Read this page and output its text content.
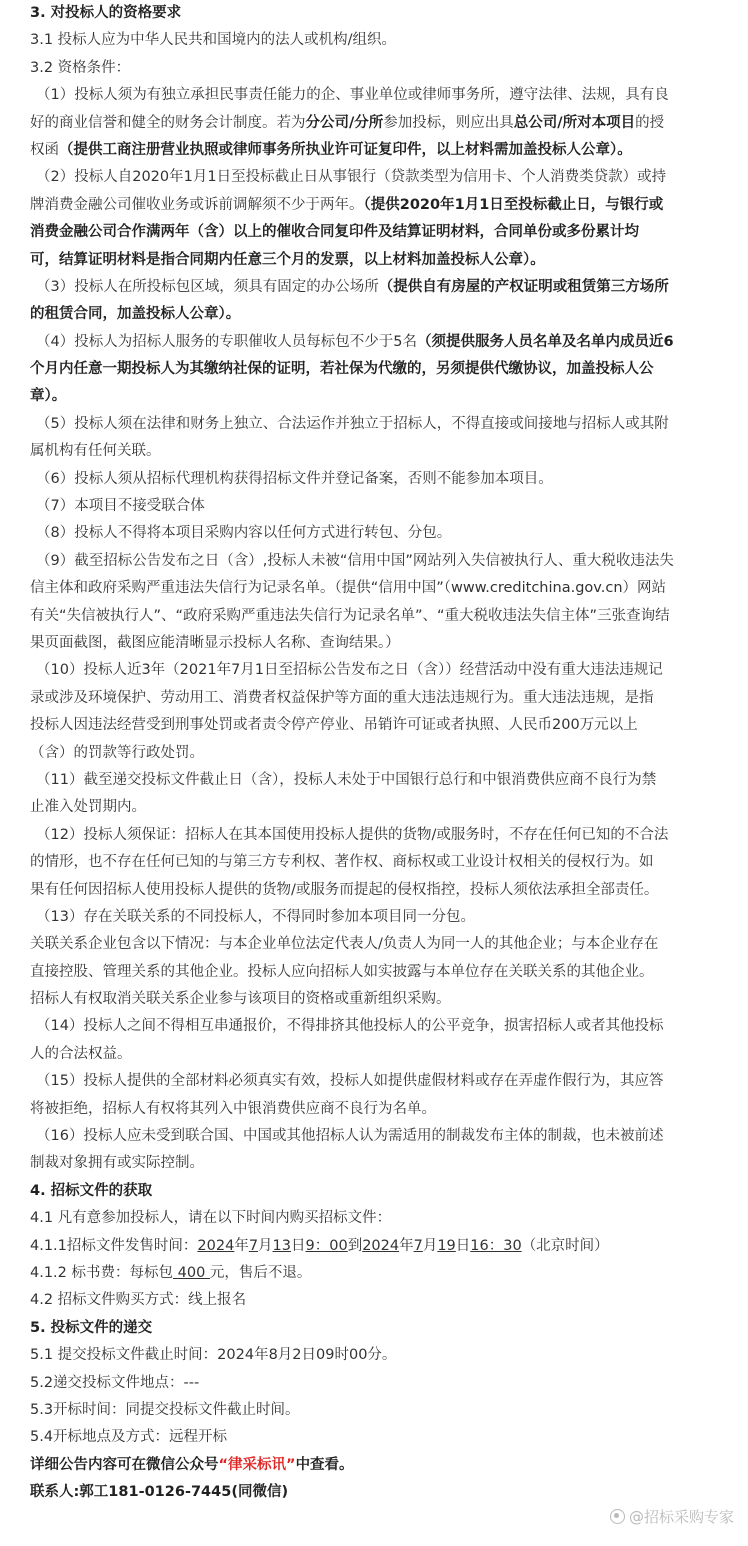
3. 对投标人的资格要求
3.1 投标人应为中华人民共和国境内的法人或机构/组织。
3.2 资格条件：
（1）投标人须为有独立承担民事责任能力的企、事业单位或律师事务所，遵守法律、法规，具有良
好的商业信誉和健全的财务会计制度。若为分公司/分所参加投标，则应出具总公司/所对本项目的授
权函（提供工商注册营业执照或律师事务所执业许可证复印件，以上材料需加盖投标人公章）。
（2）投标人自2020年1月1日至投标截止日从事银行（贷款类型为信用卡、个人消费类贷款）或持
牌消费金融公司催收业务或诉前调解须不少于两年。（提供2020年1月1日至投标截止日，与银行或
消费金融公司合作满两年（含）以上的催收合同复印件及结算证明材料，合同单份或多份累计均
可，结算证明材料是指合同期内任意三个月的发票，以上材料加盖投标人公章）。
（3）投标人在所投标包区域，须具有固定的办公场所（提供自有房屋的产权证明或租赁第三方场所
的租赁合同，加盖投标人公章）。
（4）投标人为招标人服务的专职催收人员每标包不少于5名（须提供服务人员名单及名单内成员近6
个月内任意一期投标人为其缴纳社保的证明，若社保为代缴的，另须提供代缴协议，加盖投标人公
章）。
（5）投标人须在法律和财务上独立、合法运作并独立于招标人，不得直接或间接地与招标人或其附
属机构有任何关联。
（6）投标人须从招标代理机构获得招标文件并登记备案，否则不能参加本项目。
（7）本项目不接受联合体
（8）投标人不得将本项目采购内容以任何方式进行转包、分包。
（9）截至招标公告发布之日（含）,投标人未被“信用中国”网站列入失信被执行人、重大税收违法失
信主体和政府采购严重违法失信行为记录名单。（提供“信用中国”（www.creditchina.gov.cn）网站
有关“失信被执行人”、“政府采购严重违法失信行为记录名单”、“重大税收违法失信主体”三张查询结
果页面截图，截图应能清晰显示投标人名称、查询结果。）
（10）投标人近3年（2021年7月1日至招标公告发布之日（含））经营活动中没有重大违法违规记
录或涉及环境保护、劳动用工、消费者权益保护等方面的重大违法违规行为。重大违法违规，是指
投标人因违法经营受到刑事处罚或者责令停产停业、吊销许可证或者执照、人民币200万元以上
（含）的罚款等行政处罚。
（11）截至递交投标文件截止日（含），投标人未处于中国银行总行和中银消费供应商不良行为禁
止准入处罚期内。
（12）投标人须保证：招标人在其本国使用投标人提供的货物/或服务时，不存在任何已知的不合法
的情形，也不存在任何已知的与第三方专利权、著作权、商标权或工业设计权相关的侵权行为。如
果有任何因招标人使用投标人提供的货物/或服务而提起的侵权指控，投标人须依法承担全部责任。
（13）存在关联关系的不同投标人，不得同时参加本项目同一分包。
关联关系企业包含以下情况：与本企业单位法定代表人/负责人为同一人的其他企业；与本企业存在
直接控股、管理关系的其他企业。投标人应向招标人如实披露与本单位存在关联关系的其他企业。
招标人有权取消关联关系企业参与该项目的资格或重新组织采购。
（14）投标人之间不得相互串通报价，不得排挤其他投标人的公平竞争，损害招标人或者其他投标
人的合法权益。
（15）投标人提供的全部材料必须真实有效，投标人如提供虚假材料或存在弄虚作假行为，其应答
将被拒绝，招标人有权将其列入中银消费供应商不良行为名单。
（16）投标人应未受到联合国、中国或其他招标人认为需适用的制裁发布主体的制裁，也未被前述
制裁对象拥有或实际控制。
4. 招标文件的获取
4.1 凡有意参加投标人，请在以下时间内购买招标文件：
4.1.1招标文件发售时间：2024年7月13日9：00到2024年7月19日16：30（北京时间）
4.1.2 标书费：每标包 400 元，售后不退。
4.2 招标文件购买方式：线上报名
5. 投标文件的递交
5.1 提交投标文件截止时间：2024年8月2日09时00分。
5.2递交投标文件地点：---
5.3开标时间：同提交投标文件截止时间。
5.4开标地点及方式：远程开标
详细公告内容可在微信公众号“律采标讯”中查看。
联系人:郭工181-0126-7445(同微信)
@招标采购专家
